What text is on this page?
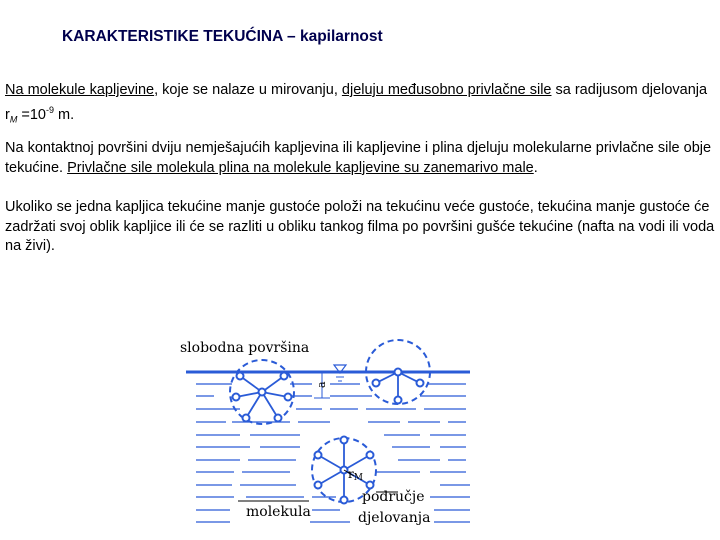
KARAKTERISTIKE TEKUĆINA – kapilarnost
Na molekule kapljevine, koje se nalaze u mirovanju, djeluju međusobno privlačne sile sa radijusom djelovanja $r_M =10^{-9}$ m.
Na kontaktnoj površini dviju nemješajućih kapljevina ili kapljevine i plina djeluju molekularne privlačne sile obje tekućine. Privlačne sile molekula plina na molekule kapljevine su zanemarivo male.
Ukoliko se jedna kapljica tekućine manje gustoće položi na tekućinu veće gustoće, tekućina manje gustoće će zadržati svoj oblik kapljice ili će se razliti u obliku tankog filma po površini gušće tekućine (nafta na vodi ili voda na živi).
slobodna površina
a
rM
molekula
područje
djelovanja
